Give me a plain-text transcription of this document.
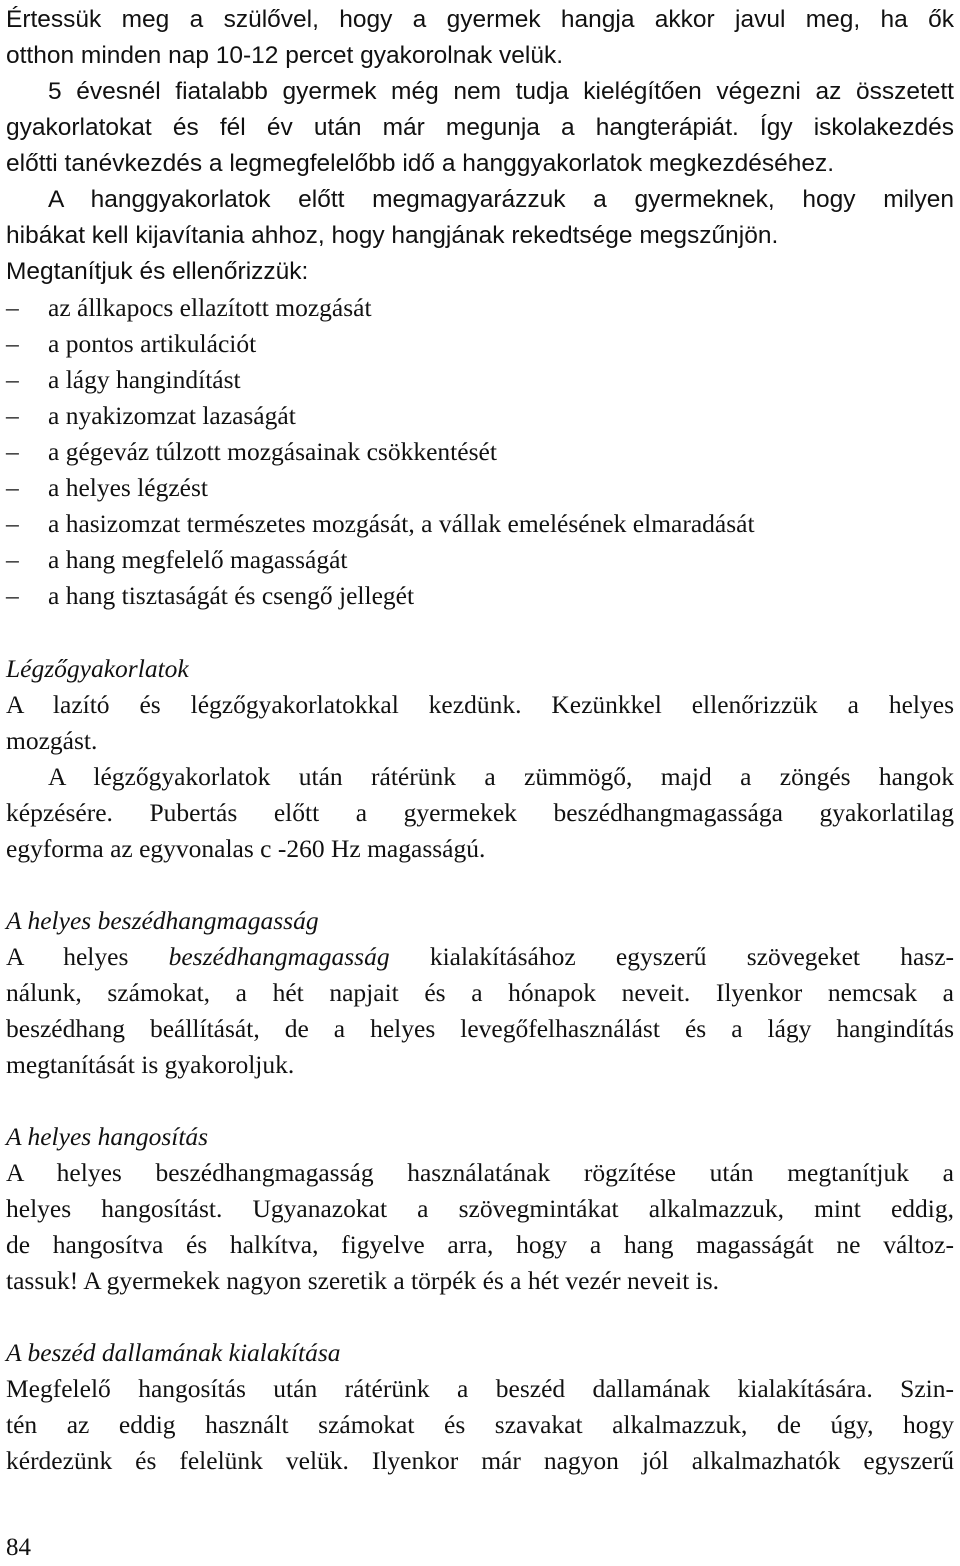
Értessük meg a szülővel, hogy a gyermek hangja akkor javul meg, ha ők
otthon minden nap 10-12 percet gyakorolnak velük.
5 évesnél fiatalabb gyermek még nem tudja kielégítően végezni az összetett
gyakorlatokat és fél év után már megunja a hangterápiát. Így iskolakezdés
előtti tanévkezdés a legmegfelelőbb idő a hanggyakorlatok megkezdéséhez.
A hanggyakorlatok előtt megmagyarázzuk a gyermeknek, hogy milyen
hibákat kell kijavítania ahhoz, hogy hangjának rekedtsége megszűnjön.
Megtanítjuk és ellenőrizzük:
– az állkapocs ellazított mozgását
– a pontos artikulációt
– a lágy hangindítást
– a nyakizomzat lazaságát
– a gégeváz túlzott mozgásainak csökkentését
– a helyes légzést
– a hasizomzat természetes mozgását, a vállak emelésének elmaradását
– a hang megfelelő magasságát
– a hang tisztaságát és csengő jellegét
Légzőgyakorlatok
A lazító és légzőgyakorlatokkal kezdünk. Kezünkkel ellenőrizzük a helyes
mozgást.
A légzőgyakorlatok után rátérünk a zümmögő, majd a zöngés hangok
képzésére. Pubertás előtt a gyermekek beszédhangmagassága gyakorlatilag
egyforma az egyvonalas c -260 Hz magasságú.
A helyes beszédhangmagasság
A helyes beszédhangmagasság kialakításához egyszerű szövegeket hasz-
nálunk, számokat, a hét napjait és a hónapok neveit. Ilyenkor nemcsak a
beszédhang beállítását, de a helyes levegőfelhasználást és a lágy hangindítás
megtanítását is gyakoroljuk.
A helyes hangosítás
A helyes beszédhangmagasság használatának rögzítése után megtanítjuk a
helyes hangosítást. Ugyanazokat a szövegmintákat alkalmazzuk, mint eddig,
de hangosítva és halkítva, figyelve arra, hogy a hang magasságát ne változ-
tassuk! A gyermekek nagyon szeretik a törpék és a hét vezér neveit is.
A beszéd dallamának kialakítása
Megfelelő hangosítás után rátérünk a beszéd dallamának kialakítására. Szin-
tén az eddig használt számokat és szavakat alkalmazzuk, de úgy, hogy
kérdezünk és felelünk velük. Ilyenkor már nagyon jól alkalmazhatók egyszerű
84
